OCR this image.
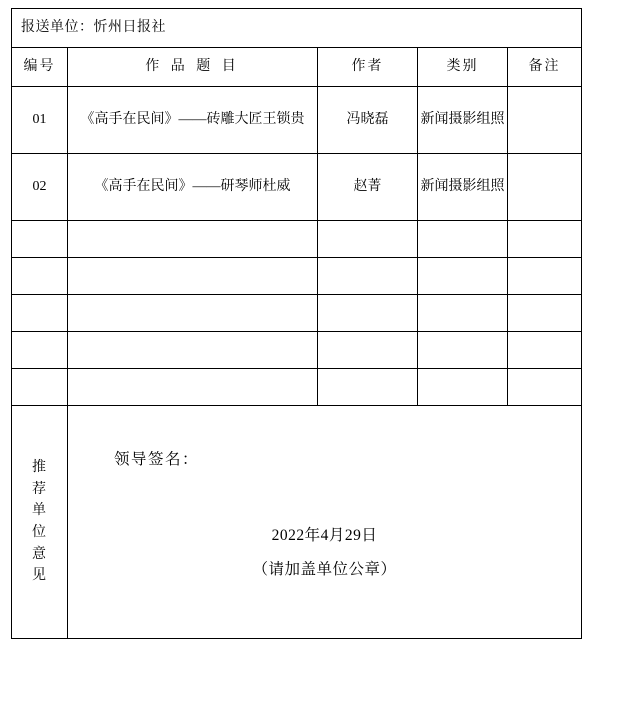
报送单位：忻州日报社				
编号	作 品 题 目	作者	类别	备注
01	《高手在民间》——砖雕大匠王锁贵	冯晓磊	新闻摄影组照	
02	《高手在民间》——研琴师杜威	赵菁	新闻摄影组照	

推荐单位意见	领导签名：
2022年4月29日
（请加盖单位公章）			
